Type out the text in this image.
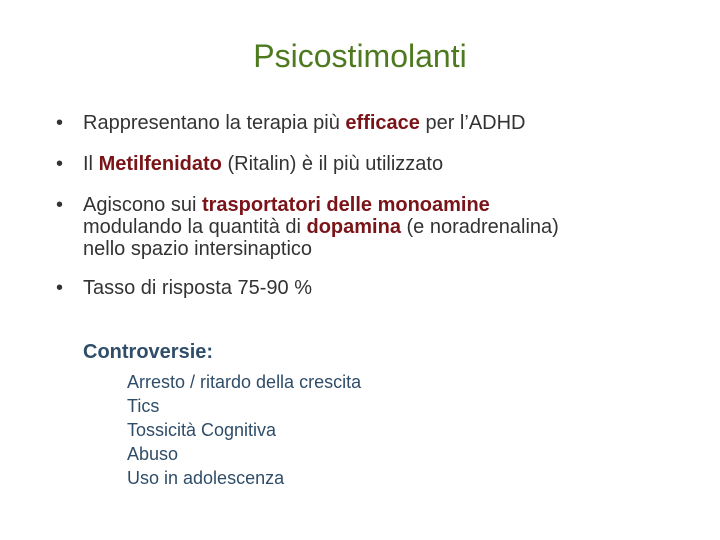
Psicostimolanti
• Rappresentano la terapia più efficace per l’ADHD
• Il Metilfenidato (Ritalin) è il più utilizzato
• Agiscono sui trasportatori delle monoamine
modulando la quantità di dopamina (e noradrenalina)
nello spazio intersinaptico
• Tasso di risposta 75-90 %
Controversie:
Arresto / ritardo della crescita
Tics
Tossicità Cognitiva
Abuso
Uso in adolescenza
